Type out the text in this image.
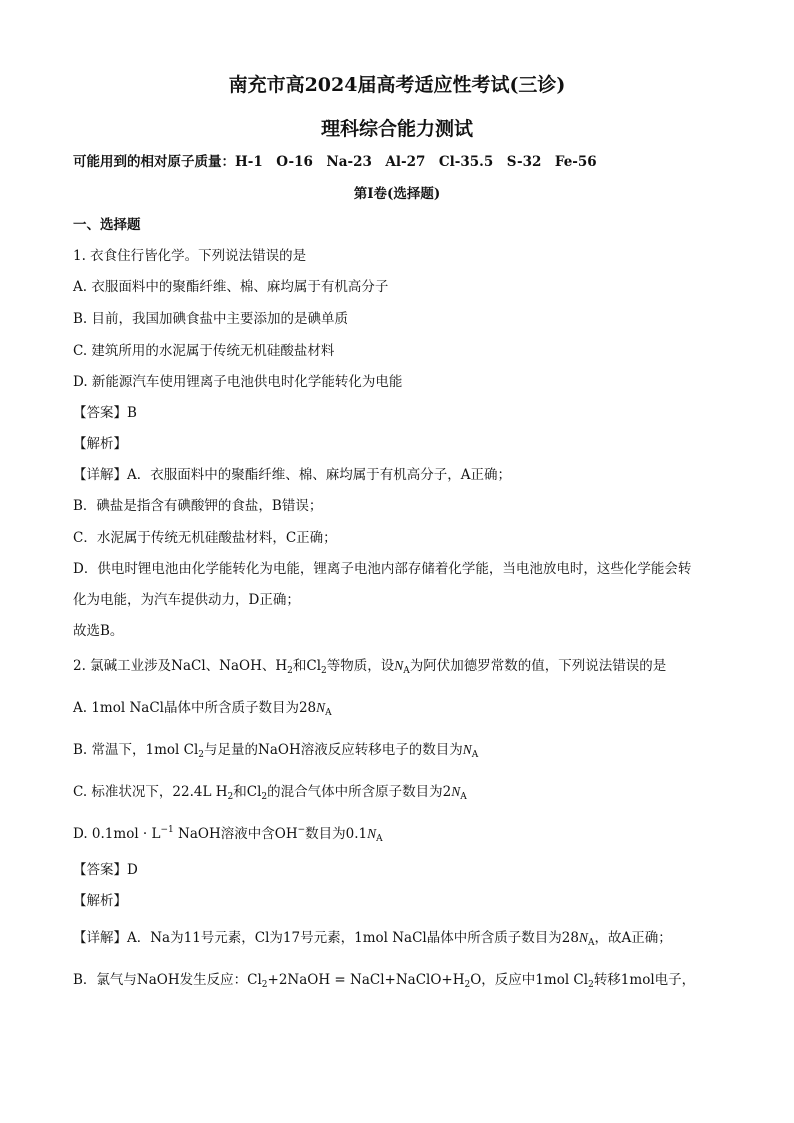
南充市高2024届高考适应性考试(三诊)
理科综合能力测试
可能用到的相对原子质量：H-1　O-16　Na-23　Al-27　Cl-35.5　S-32　Fe-56
第Ⅰ卷(选择题)
一、选择题
1. 衣食住行皆化学。下列说法错误的是
A. 衣服面料中的聚酯纤维、棉、麻均属于有机高分子
B. 目前，我国加碘食盐中主要添加的是碘单质
C. 建筑所用的水泥属于传统无机硅酸盐材料
D. 新能源汽车使用锂离子电池供电时化学能转化为电能
【答案】B
【解析】
【详解】A．衣服面料中的聚酯纤维、棉、麻均属于有机高分子，A正确；
B．碘盐是指含有碘酸钾的食盐，B错误；
C．水泥属于传统无机硅酸盐材料，C正确；
D．供电时锂电池由化学能转化为电能，锂离子电池内部存储着化学能，当电池放电时，这些化学能会转
化为电能，为汽车提供动力，D正确；
故选B。
2. 氯碱工业涉及NaCl、NaOH、$H_2$和$Cl_2$等物质，设$N_A$为阿伏加德罗常数的值，下列说法错误的是
A. 1mol NaCl晶体中所含质子数目为$28N_A$
B. 常温下，1mol $Cl_2$与足量的NaOH溶液反应转移电子的数目为$N_A$
C. 标准状况下，22.4L $H_2$和$Cl_2$的混合气体中所含原子数目为$2N_A$
D. $0.1mol \cdot L^{-1}$ NaOH溶液中含OH−数目为$0.1N_A$
【答案】D
【解析】
【详解】A．Na为11号元素，Cl为17号元素，1mol NaCl晶体中所含质子数目为$28N_A$，故A正确；
B．氯气与NaOH发生反应：$Cl_2+2NaOH$ = $NaCl+NaClO+H_2O$，反应中1mol $Cl_2$转移1mol电子，
